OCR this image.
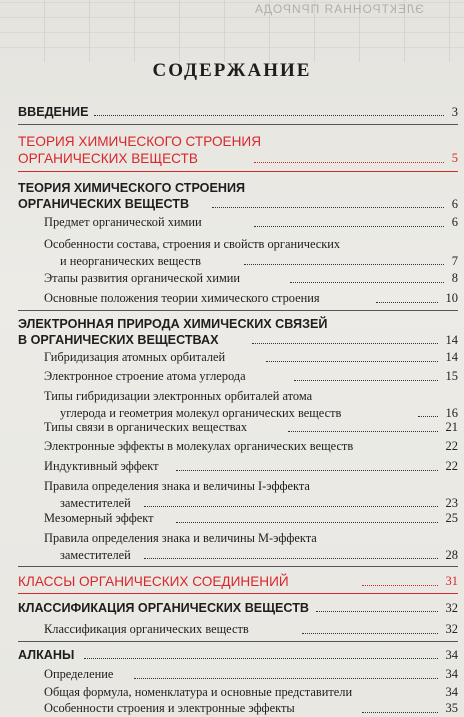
ЭЛЕКТРОННАЯ ПРИРОДА
СОДЕРЖАНИЕ
ВВЕДЕНИЕ	3
ТЕОРИЯ ХИМИЧЕСКОГО СТРОЕНИЯ
ОРГАНИЧЕСКИХ ВЕЩЕСТВ	5
ТЕОРИЯ ХИМИЧЕСКОГО СТРОЕНИЯ
ОРГАНИЧЕСКИХ ВЕЩЕСТВ	6
Предмет органической химии	6
Особенности состава, строения и свойств органических
и неорганических веществ	7
Этапы развития органической химии	8
Основные положения теории химического строения	10
ЭЛЕКТРОННАЯ ПРИРОДА ХИМИЧЕСКИХ СВЯЗЕЙ
В ОРГАНИЧЕСКИХ ВЕЩЕСТВАХ	14
Гибридизация атомных орбиталей	14
Электронное строение атома углерода	15
Типы гибридизации электронных орбиталей атома
углерода и геометрия молекул органических веществ	16
Типы связи в органических веществах	21
Электронные эффекты в молекулах органических веществ	22
Индуктивный эффект	22
Правила определения знака и величины I-эффекта
заместителей	23
Мезомерный эффект	25
Правила определения знака и величины М-эффекта
заместителей	28
КЛАССЫ ОРГАНИЧЕСКИХ СОЕДИНЕНИЙ	31
КЛАССИФИКАЦИЯ ОРГАНИЧЕСКИХ ВЕЩЕСТВ	32
Классификация органических веществ	32
АЛКАНЫ	34
Определение	34
Общая формула, номенклатура и основные представители	34
Особенности строения и электронные эффекты	35
